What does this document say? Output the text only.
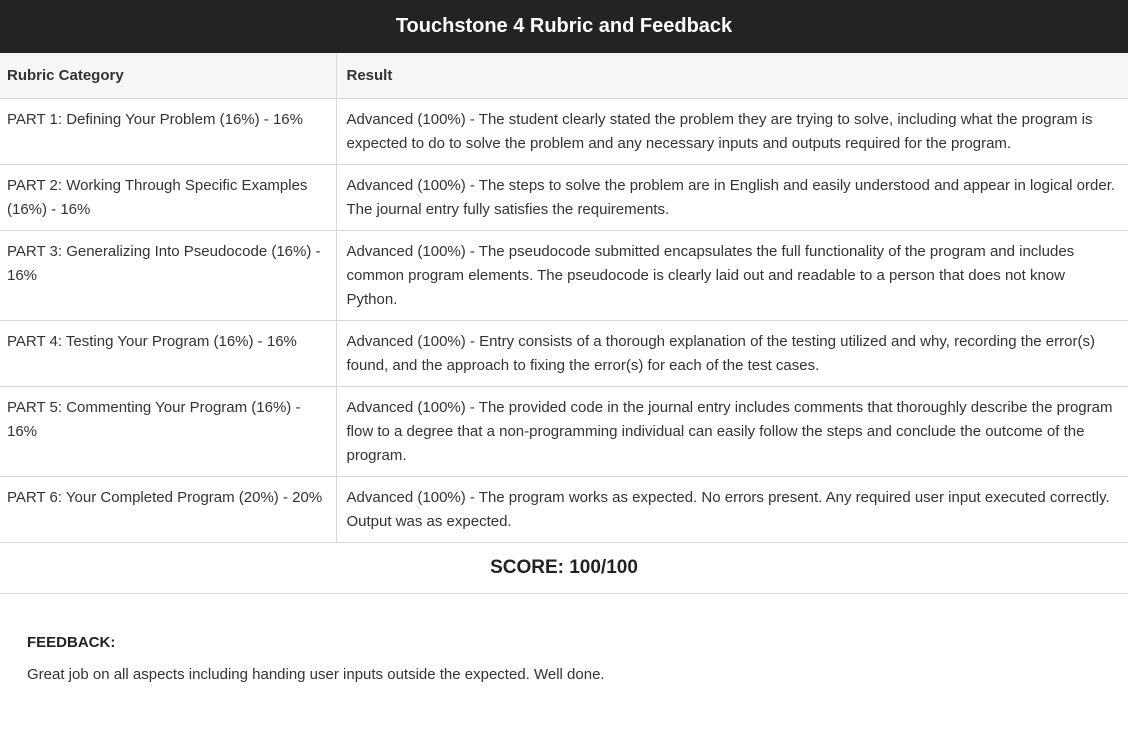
Touchstone 4 Rubric and Feedback
Rubric Category	Result
PART 1: Defining Your Problem (16%) - 16%	Advanced (100%) - The student clearly stated the problem they are trying to solve, including what the program is expected to do to solve the problem and any necessary inputs and outputs required for the program.
PART 2: Working Through Specific Examples (16%) - 16%	Advanced (100%) - The steps to solve the problem are in English and easily understood and appear in logical order. The journal entry fully satisfies the requirements.
PART 3: Generalizing Into Pseudocode (16%) - 16%	Advanced (100%) - The pseudocode submitted encapsulates the full functionality of the program and includes common program elements. The pseudocode is clearly laid out and readable to a person that does not know Python.
PART 4: Testing Your Program (16%) - 16%	Advanced (100%) - Entry consists of a thorough explanation of the testing utilized and why, recording the error(s) found, and the approach to fixing the error(s) for each of the test cases.
PART 5: Commenting Your Program (16%) - 16%	Advanced (100%) - The provided code in the journal entry includes comments that thoroughly describe the program flow to a degree that a non-programming individual can easily follow the steps and conclude the outcome of the program.
PART 6: Your Completed Program (20%) - 20%	Advanced (100%) - The program works as expected. No errors present. Any required user input executed correctly. Output was as expected.
SCORE: 100/100
FEEDBACK:
Great job on all aspects including handing user inputs outside the expected. Well done.
